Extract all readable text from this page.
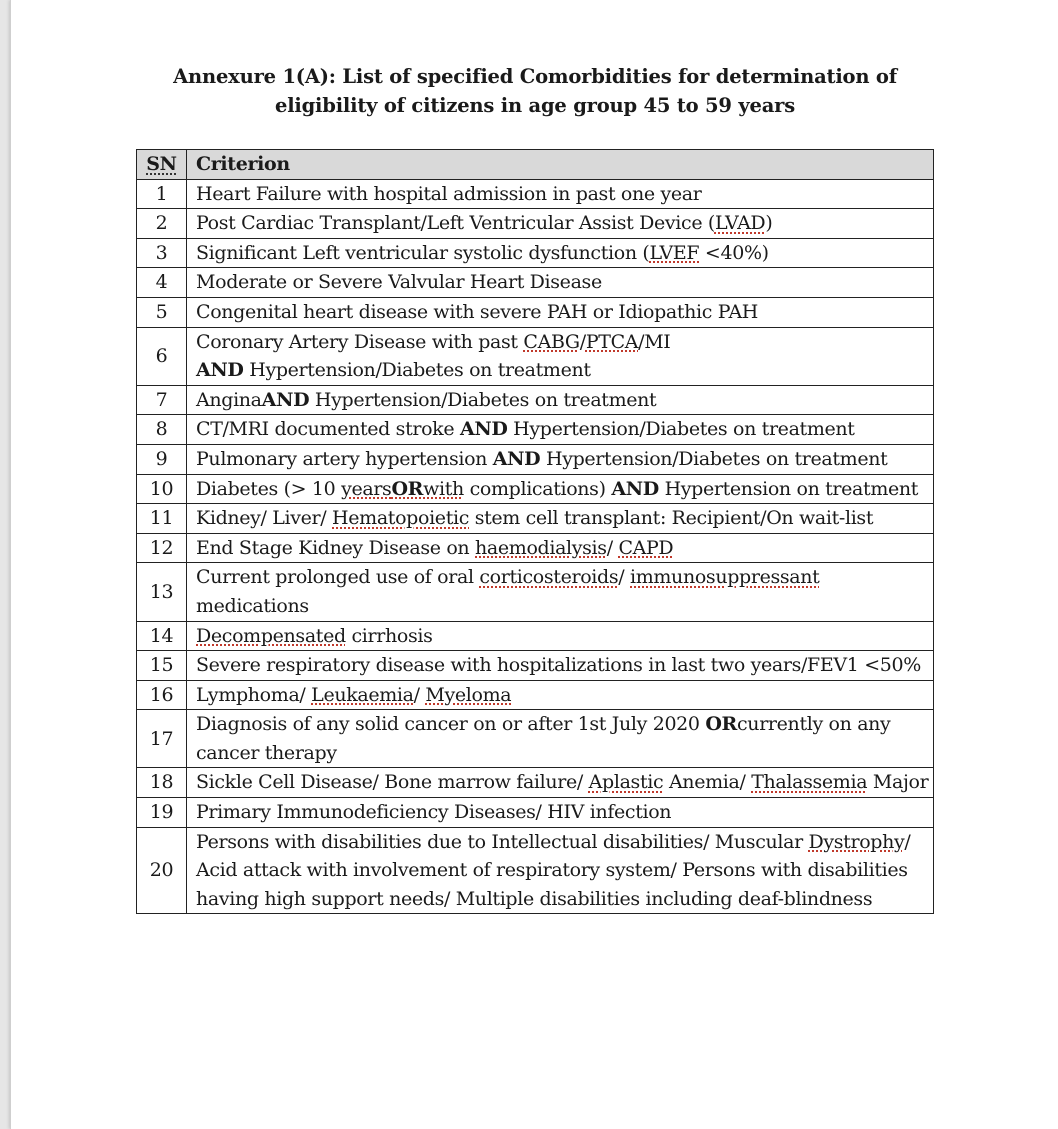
Annexure 1(A): List of specified Comorbidities for determination of
eligibility of citizens in age group 45 to 59 years
SN	Criterion
1	Heart Failure with hospital admission in past one year
2	Post Cardiac Transplant/Left Ventricular Assist Device (LVAD)
3	Significant Left ventricular systolic dysfunction (LVEF <40%)
4	Moderate or Severe Valvular Heart Disease
5	Congenital heart disease with severe PAH or Idiopathic PAH
6	Coronary Artery Disease with past CABG/PTCA/MI
AND Hypertension/Diabetes on treatment
7	AnginaAND Hypertension/Diabetes on treatment
8	CT/MRI documented stroke AND Hypertension/Diabetes on treatment
9	Pulmonary artery hypertension AND Hypertension/Diabetes on treatment
10	Diabetes (> 10 yearsORwith complications) AND Hypertension on treatment
11	Kidney/ Liver/ Hematopoietic stem cell transplant: Recipient/On wait-list
12	End Stage Kidney Disease on haemodialysis/ CAPD
13	Current prolonged use of oral corticosteroids/ immunosuppressant medications
14	Decompensated cirrhosis
15	Severe respiratory disease with hospitalizations in last two years/FEV1 <50%
16	Lymphoma/ Leukaemia/ Myeloma
17	Diagnosis of any solid cancer on or after 1st July 2020 ORcurrently on any cancer therapy
18	Sickle Cell Disease/ Bone marrow failure/ Aplastic Anemia/ Thalassemia Major
19	Primary Immunodeficiency Diseases/ HIV infection
20	Persons with disabilities due to Intellectual disabilities/ Muscular Dystrophy/ Acid attack with involvement of respiratory system/ Persons with disabilities having high support needs/ Multiple disabilities including deaf-blindness
